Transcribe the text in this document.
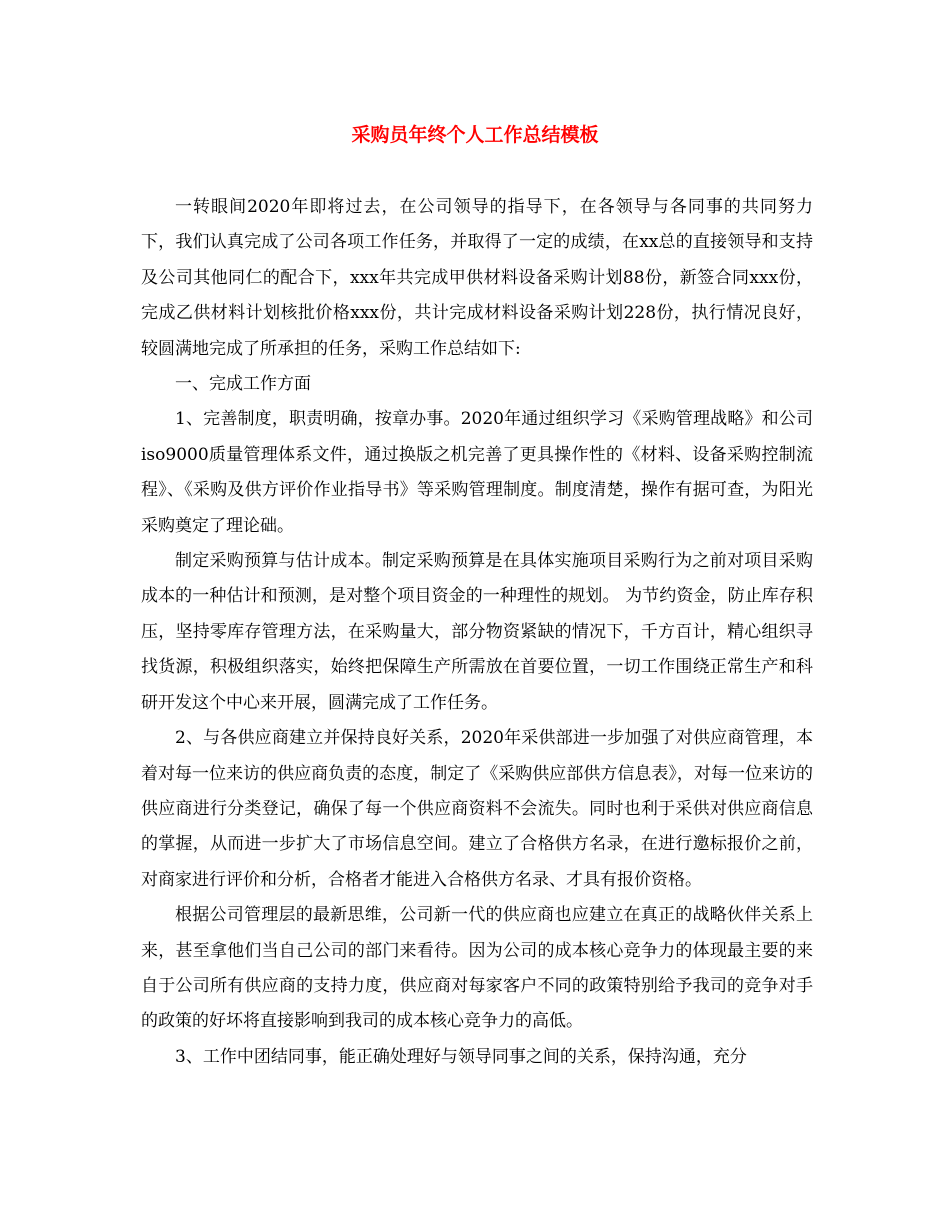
采购员年终个人工作总结模板

一转眼间2020年即将过去，在公司领导的指导下，在各领导与各同事的共同努力下，我们认真完成了公司各项工作任务，并取得了一定的成绩，在xx总的直接领导和支持及公司其他同仁的配合下，xxx年共完成甲供材料设备采购计划88份，新签合同xxx份，完成乙供材料计划核批价格xxx份，共计完成材料设备采购计划228份，执行情况良好，较圆满地完成了所承担的任务，采购工作总结如下:

一、完成工作方面

1、完善制度，职责明确，按章办事。2020年通过组织学习《采购管理战略》和公司iso9000质量管理体系文件，通过换版之机完善了更具操作性的《材料、设备采购控制流程》、《采购及供方评价作业指导书》等采购管理制度。制度清楚，操作有据可查，为阳光采购奠定了理论础。

制定采购预算与估计成本。制定采购预算是在具体实施项目采购行为之前对项目采购成本的一种估计和预测，是对整个项目资金的一种理性的规划。 为节约资金，防止库存积压，坚持零库存管理方法，在采购量大，部分物资紧缺的情况下，千方百计，精心组织寻找货源，积极组织落实，始终把保障生产所需放在首要位置，一切工作围绕正常生产和科研开发这个中心来开展，圆满完成了工作任务。

2、与各供应商建立并保持良好关系，2020年采供部进一步加强了对供应商管理，本着对每一位来访的供应商负责的态度，制定了《采购供应部供方信息表》，对每一位来访的供应商进行分类登记，确保了每一个供应商资料不会流失。同时也利于采供对供应商信息的掌握，从而进一步扩大了市场信息空间。建立了合格供方名录，在进行邀标报价之前，对商家进行评价和分析，合格者才能进入合格供方名录、才具有报价资格。

根据公司管理层的最新思维，公司新一代的供应商也应建立在真正的战略伙伴关系上来，甚至拿他们当自己公司的部门来看待。因为公司的成本核心竞争力的体现最主要的来自于公司所有供应商的支持力度，供应商对每家客户不同的政策特别给予我司的竞争对手的政策的好坏将直接影响到我司的成本核心竞争力的高低。

3、工作中团结同事，能正确处理好与领导同事之间的关系，保持沟通，充分
